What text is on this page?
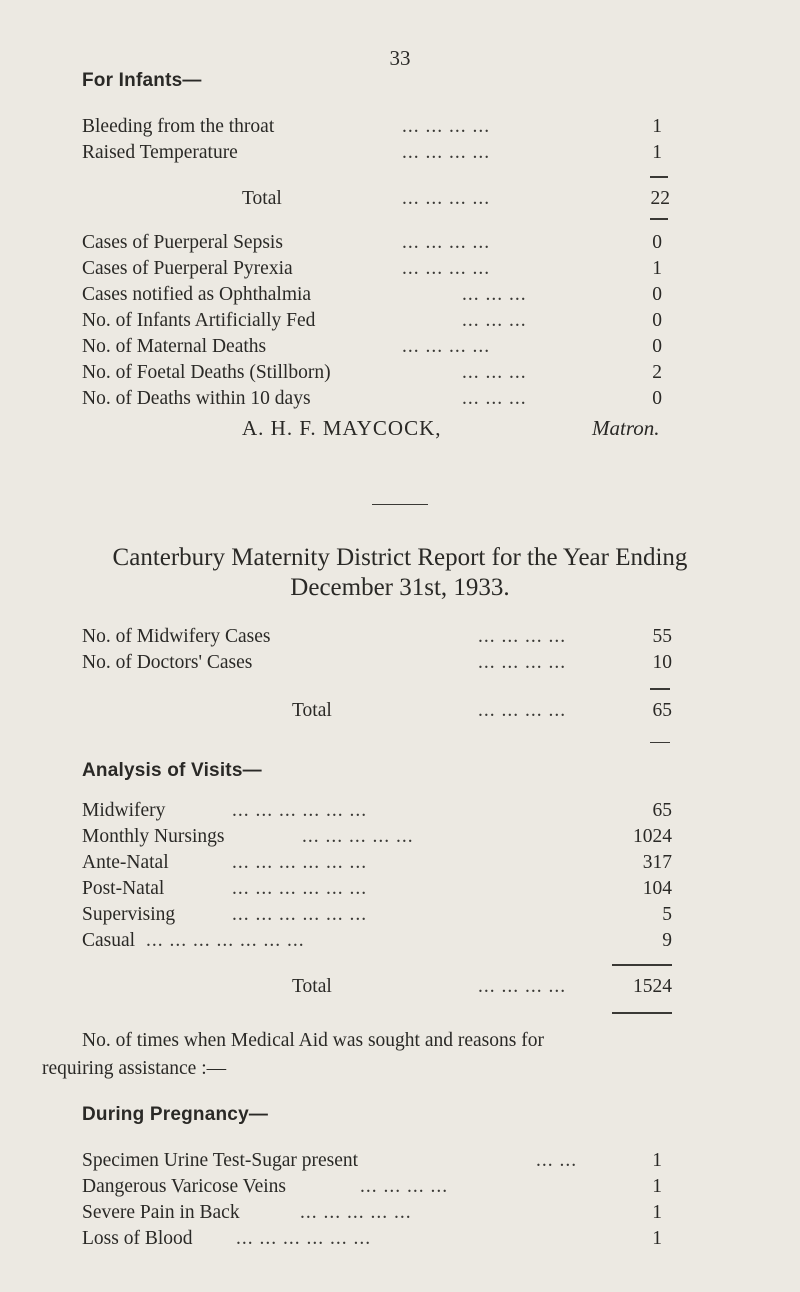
33
For Infants—
Bleeding from the throat	... ... ... ...	1
Raised Temperature	... ... ... ...	1
Total	... ... ... ...	22
Cases of Puerperal Sepsis	... ... ... ...	0
Cases of Puerperal Pyrexia	... ... ... ...	1
Cases notified as Ophthalmia	... ... ...	0
No. of Infants Artificially Fed	... ... ...	0
No. of Maternal Deaths	... ... ... ...	0
No. of Foetal Deaths (Stillborn)	... ... ...	2
No. of Deaths within 10 days	... ... ...	0
A. H. F. MAYCOCK,	Matron.
Canterbury Maternity District Report for the Year Ending
December 31st, 1933.
No. of Midwifery Cases	... ... ... ...	55
No. of Doctors' Cases	... ... ... ...	10
Total	... ... ... ...	65
Analysis of Visits—
Midwifery	... ... ... ... ... ...	65
Monthly Nursings	... ... ... ... ...	1024
Ante-Natal	... ... ... ... ... ...	317
Post-Natal	... ... ... ... ... ...	104
Supervising	... ... ... ... ... ...	5
Casual ... ... ... ... ... ... ...	9
Total	... ... ... ...	1524
No. of times when Medical Aid was sought and reasons for
requiring assistance :—
During Pregnancy—
Specimen Urine Test-Sugar present	... ...	1
Dangerous Varicose Veins	... ... ... ...	1
Severe Pain in Back	... ... ... ... ...	1
Loss of Blood ... ... ... ... ... ...	1
